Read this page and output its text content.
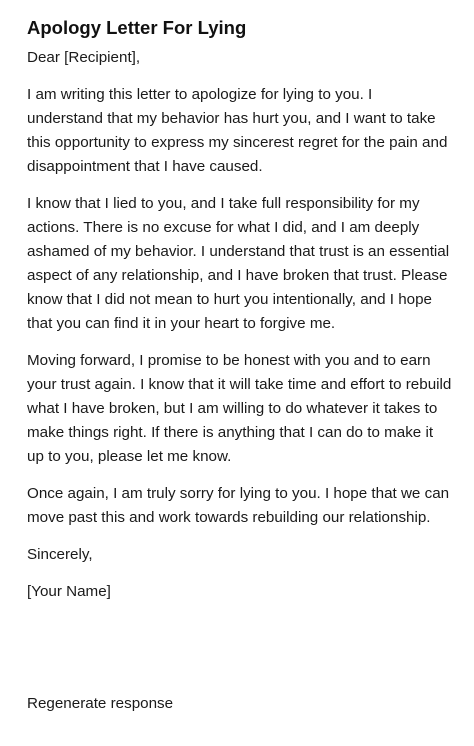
Apology Letter For Lying

Dear [Recipient],

I am writing this letter to apologize for lying to you. I understand that my behavior has hurt you, and I want to take this opportunity to express my sincerest regret for the pain and disappointment that I have caused.

I know that I lied to you, and I take full responsibility for my actions. There is no excuse for what I did, and I am deeply ashamed of my behavior. I understand that trust is an essential aspect of any relationship, and I have broken that trust. Please know that I did not mean to hurt you intentionally, and I hope that you can find it in your heart to forgive me.

Moving forward, I promise to be honest with you and to earn your trust again. I know that it will take time and effort to rebuild what I have broken, but I am willing to do whatever it takes to make things right. If there is anything that I can do to make it up to you, please let me know.

Once again, I am truly sorry for lying to you. I hope that we can move past this and work towards rebuilding our relationship.

Sincerely,

[Your Name]

Regenerate response
